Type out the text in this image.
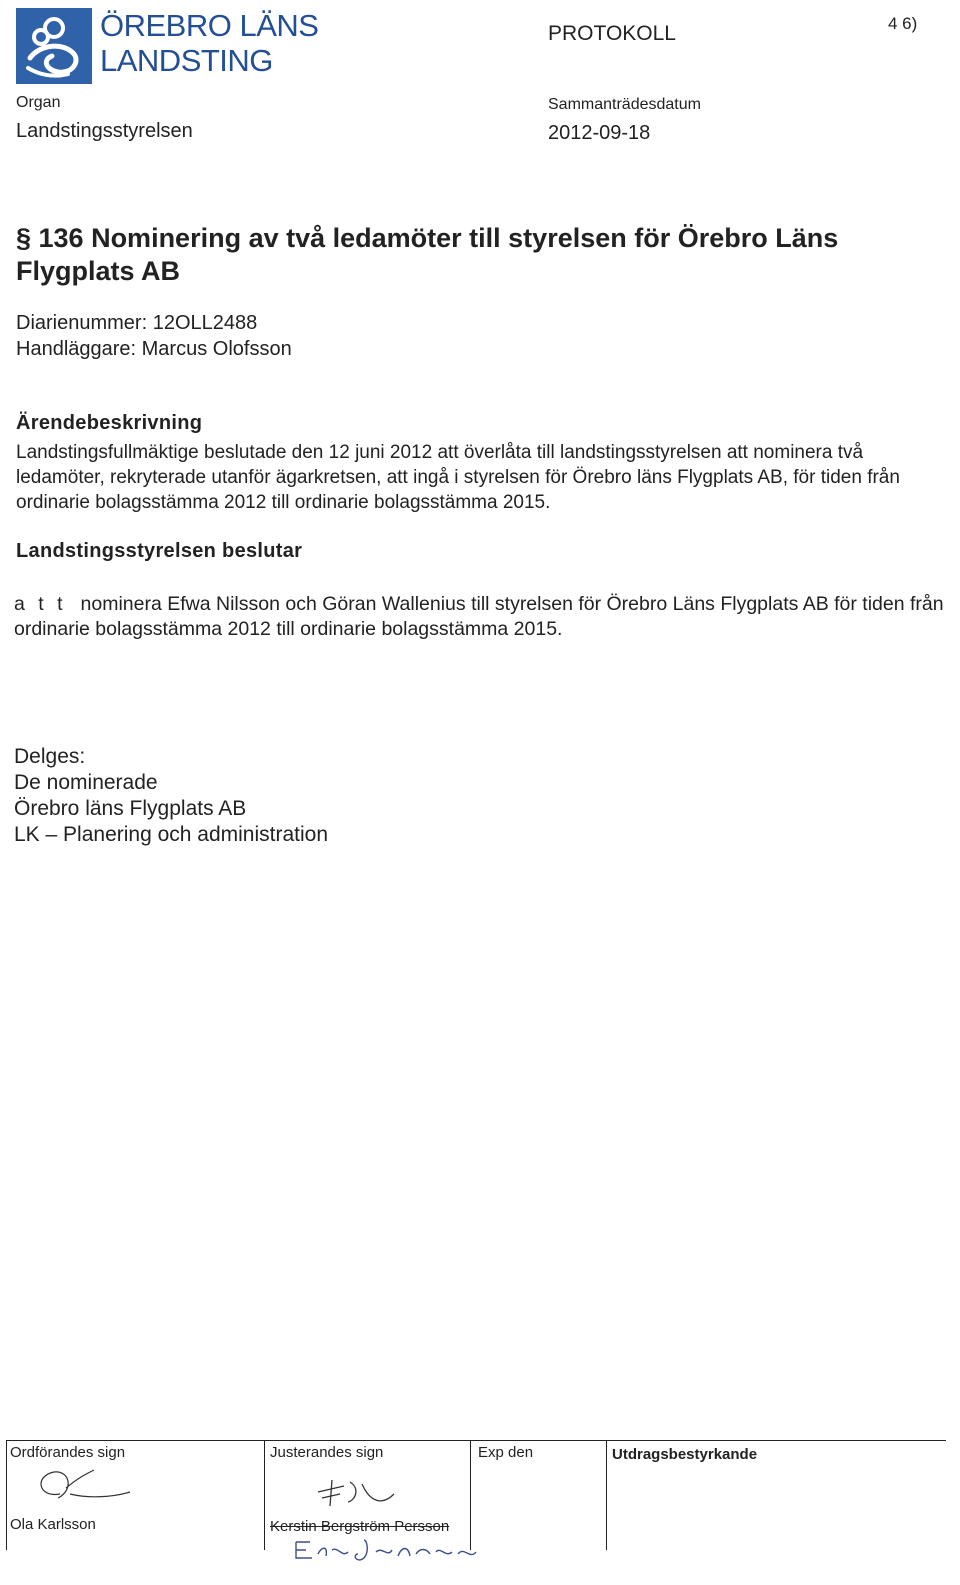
ÖREBRO LÄNS
LANDSTING
PROTOKOLL	4 6)
Organ
Landstingsstyrelsen
Sammanträdesdatum
2012-09-18
§ 136 Nominering av två ledamöter till styrelsen för Örebro Läns Flygplats AB
Diarienummer: 12OLL2488
Handläggare: Marcus Olofsson
Ärendebeskrivning
Landstingsfullmäktige beslutade den 12 juni 2012 att överlåta till landstingsstyrelsen att nominera två ledamöter, rekryterade utanför ägarkretsen, att ingå i styrelsen för Örebro läns Flygplats AB, för tiden från ordinarie bolagsstämma 2012 till ordinarie bolagsstämma 2015.
Landstingsstyrelsen beslutar
a t t nominera Efwa Nilsson och Göran Wallenius till styrelsen för Örebro Läns Flygplats AB för tiden från ordinarie bolagsstämma 2012 till ordinarie bolagsstämma 2015.
Delges:
De nominerade
Örebro läns Flygplats AB
LK – Planering och administration
Ordförandes sign
Ola Karlsson
Justerandes sign
Kerstin Bergström Persson
Exp den	Utdragsbestyrkande
